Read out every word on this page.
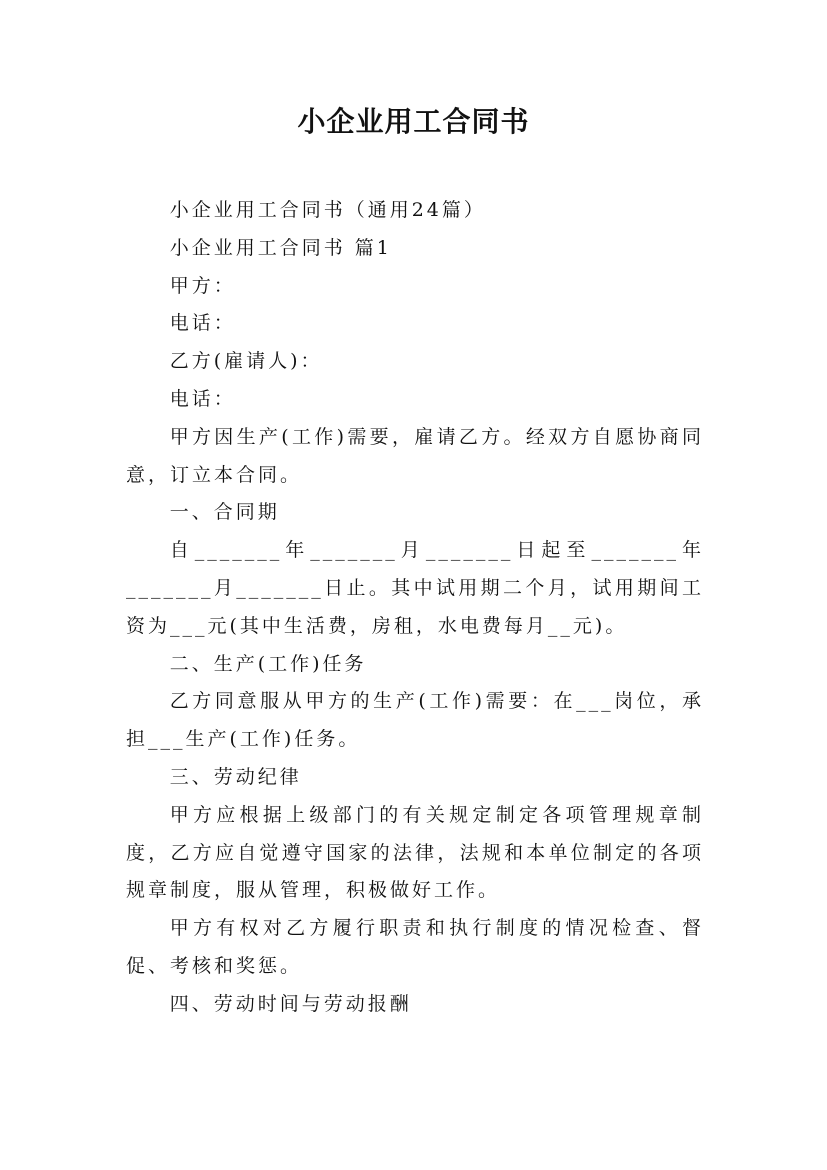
小企业用工合同书

小企业用工合同书（通用24篇）

小企业用工合同书 篇1

甲方：

电话：

乙方(雇请人)：

电话：

甲方因生产(工作)需要，雇请乙方。经双方自愿协商同意，订立本合同。

一、合同期

自_______年_______月_______日起至_______年_______月_______日止。其中试用期二个月，试用期间工资为___元(其中生活费，房租，水电费每月__元)。

二、生产(工作)任务

乙方同意服从甲方的生产(工作)需要：在___岗位，承担___生产(工作)任务。

三、劳动纪律

甲方应根据上级部门的有关规定制定各项管理规章制度，乙方应自觉遵守国家的法律，法规和本单位制定的各项规章制度，服从管理，积极做好工作。

甲方有权对乙方履行职责和执行制度的情况检查、督促、考核和奖惩。

四、劳动时间与劳动报酬
